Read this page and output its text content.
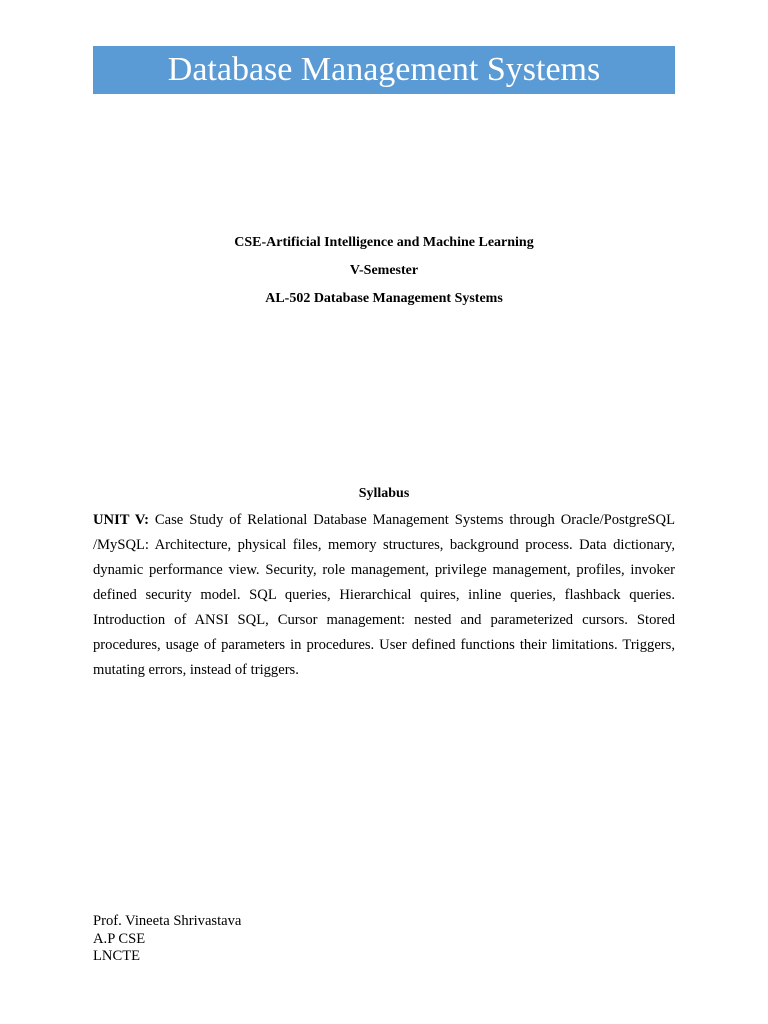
Database Management Systems
CSE-Artificial Intelligence and Machine Learning
V-Semester
AL-502 Database Management Systems
Syllabus
UNIT V: Case Study of Relational Database Management Systems through Oracle/PostgreSQL /MySQL: Architecture, physical files, memory structures, background process. Data dictionary, dynamic performance view. Security, role management, privilege management, profiles, invoker defined security model. SQL queries, Hierarchical quires, inline queries, flashback queries. Introduction of ANSI SQL, Cursor management: nested and parameterized cursors. Stored procedures, usage of parameters in procedures. User defined functions their limitations. Triggers, mutating errors, instead of triggers.
Prof. Vineeta Shrivastava
A.P CSE
LNCTE
